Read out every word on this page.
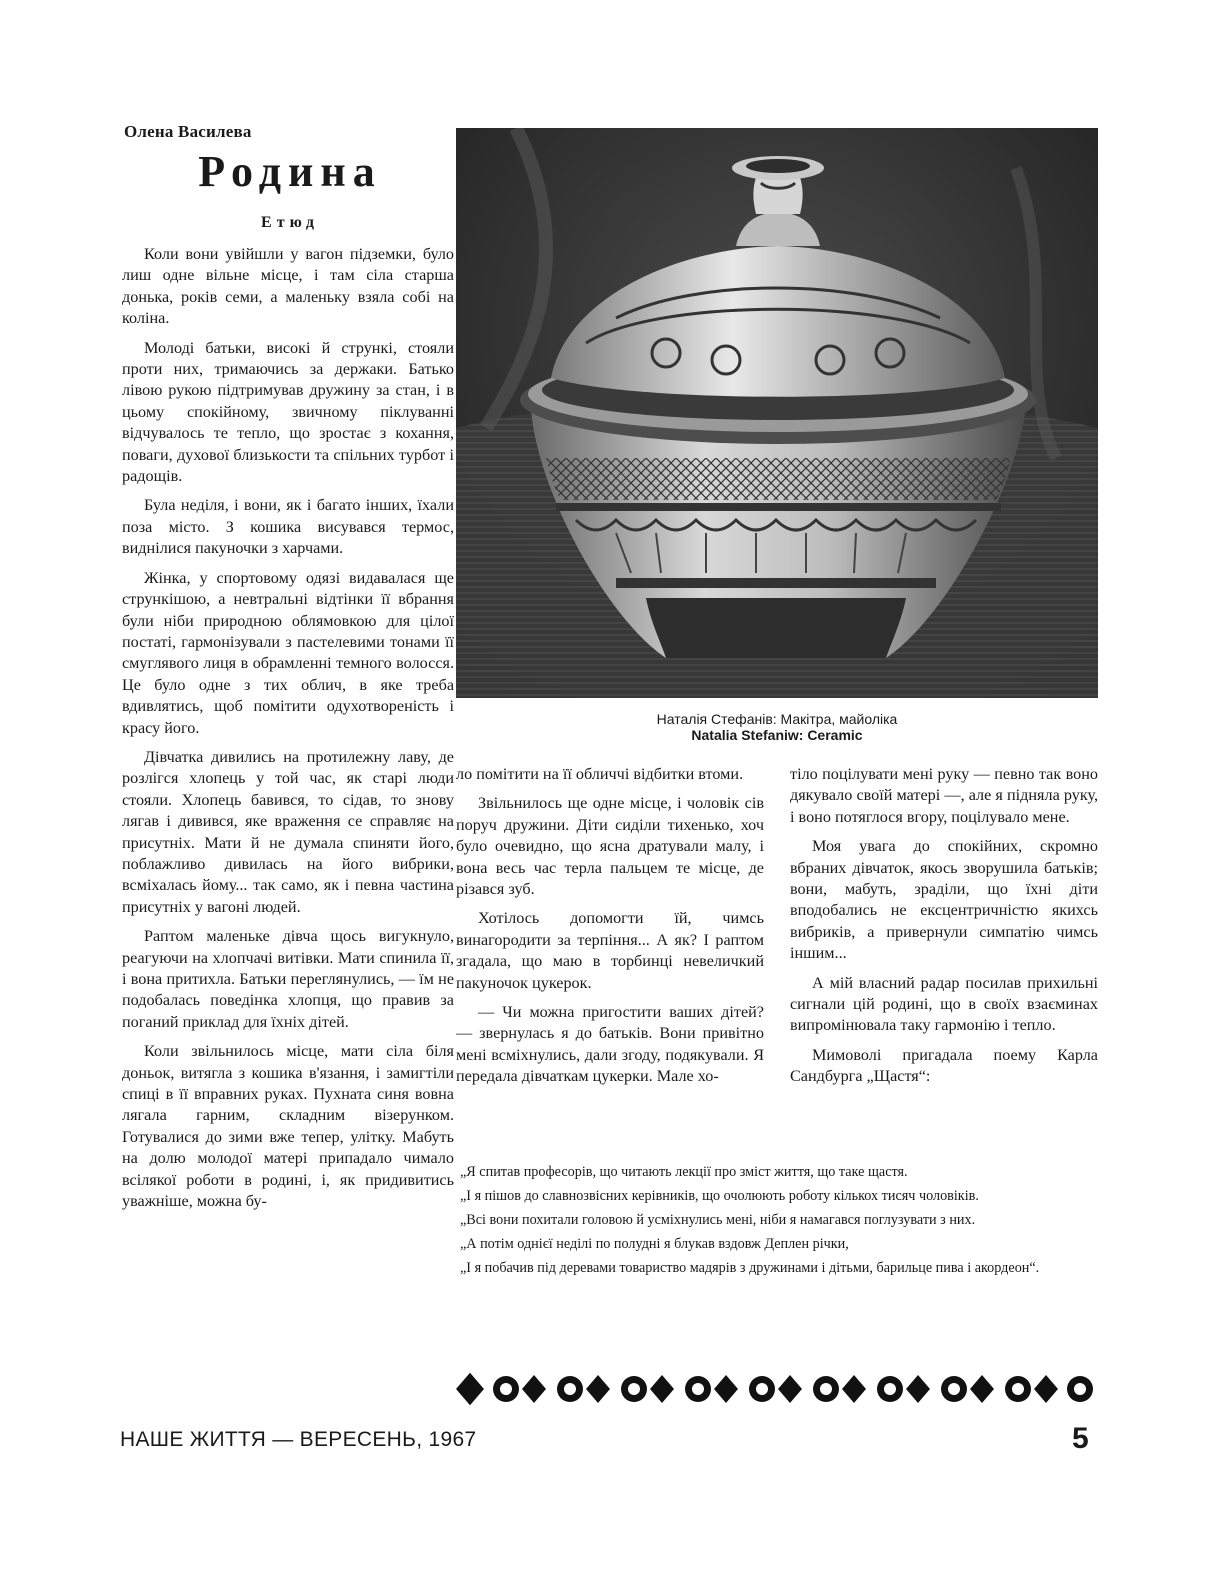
Олена Василева
Родина
Етюд

Коли вони увійшли у вагон підземки, було лиш одне вільне місце, і там сіла старша донька, років семи, а маленьку взяла собі на коліна.

Молоді батьки, високі й стрункі, стояли проти них, тримаючись за держаки. Батько лівою рукою підтримував дружину за стан, і в цьому спокійному, звичному піклуванні відчувалось те тепло, що зростає з кохання, поваги, духової близькости та спільних турбот і радощів.

Була неділя, і вони, як і багато інших, їхали поза місто. З кошика висувався термос, виднілися пакуночки з харчами.

Жінка, у спортовому одязі видавалася ще стрункішою, а невтральні відтінки її вбрання були ніби природною облямовкою для цілої постаті, гармонізували з пастелевими тонами її смуглявого лиця в обрамленні темного волосся. Це було одне з тих облич, в яке треба вдивлятись, щоб помітити одухотвореність і красу його.

Дівчатка дивились на протилежну лаву, де розлігся хлопець у той час, як старі люди стояли. Хлопець бавився, то сідав, то знову лягав і дивився, яке враження се справляє на присутніх. Мати й не думала спиняти його, поблажливо дивилась на його вибрики, всміхалась йому... так само, як і певна частина присутніх у вагоні людей.

Раптом маленьке дівча щось вигукнуло, реагуючи на хлопчачі витівки. Мати спинила її, і вона притихла. Батьки переглянулись, — їм не подобалась поведінка хлопця, що правив за поганий приклад для їхніх дітей.

Коли звільнилось місце, мати сіла біля доньок, витягла з кошика в'язання, і замигтіли спиці в її вправних руках. Пухната синя вовна лягала гарним, складним візерунком. Готувалися до зими вже тепер, улітку. Мабуть на долю молодої матері припадало чимало всілякої роботи в родині, і, як придивитись уважніше, можна бу-

Наталія Стефанів: Макітра, майоліка
Natalia Stefaniw: Ceramic

ло помітити на її обличчі відбитки втоми.

Звільнилось ще одне місце, і чоловік сів поруч дружини. Діти сиділи тихенько, хоч було очевидно, що ясна дратували малу, і вона весь час терла пальцем те місце, де різався зуб.

Хотілось допомогти їй, чимсь винагородити за терпіння... А як? І раптом згадала, що маю в торбинці невеличкий пакуночок цукерок.

— Чи можна пригостити ваших дітей? — звернулась я до батьків. Вони привітно мені всміхнулись, дали згоду, подякували. Я передала дівчаткам цукерки. Мале хо-

тіло поцілувати мені руку — певно так воно дякувало своїй матері —, але я підняла руку, і воно потяглося вгору, поцілувало мене.

Моя увага до спокійних, скромно вбраних дівчаток, якось зворушила батьків; вони, мабуть, зраділи, що їхні діти вподобались не ексцентричністю якихсь вибриків, а привернули симпатію чимсь іншим...

А мій власний радар посилав прихильні сигнали цій родині, що в своїх взаєминах випромінювала таку гармонію і тепло.

Мимоволі пригадала поему Карла Сандбурга „Щастя“:

„Я спитав професорів, що читають лекції про зміст життя, що таке щастя.

„І я пішов до славнозвісних керівників, що очолюють роботу кількох тисяч чоловіків.

„Всі вони похитали головою й усміхнулись мені, ніби я намагався поглузувати з них.

„А потім однієї неділі по полудні я блукав вздовж Деплен річки,

„І я побачив під деревами товариство мадярів з дружинами і дітьми, барильце пива і акордеон“.

НАШЕ ЖИТТЯ — ВЕРЕСЕНЬ, 1967	5
